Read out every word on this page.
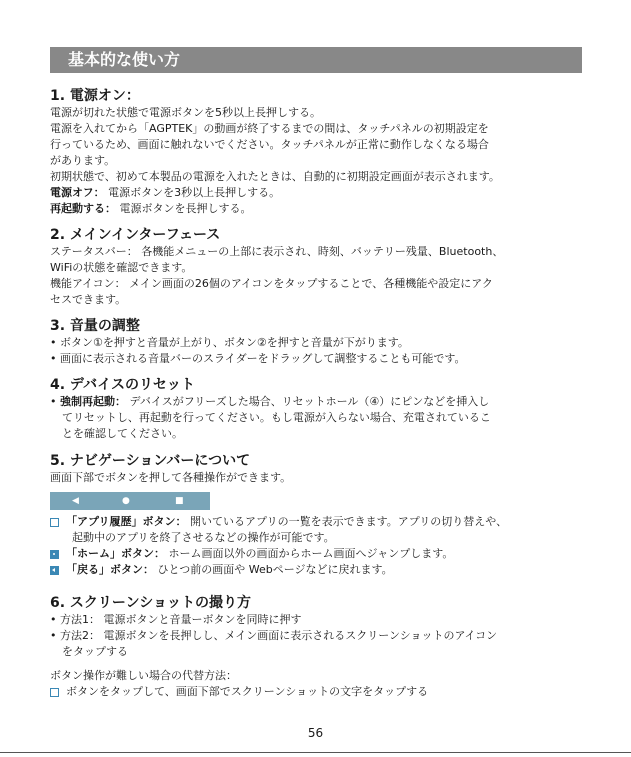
基本的な使い方
1. 電源オン：
電源が切れた状態で電源ボタンを5秒以上長押しする。
電源を入れてから「AGPTEK」の動画が終了するまでの間は、タッチパネルの初期設定を
行っているため、画面に触れないでください。タッチパネルが正常に動作しなくなる場合
があります。
初期状態で、初めて本製品の電源を入れたときは、自動的に初期設定画面が表示されます。
電源オフ： 電源ボタンを3秒以上長押しする。
再起動する： 電源ボタンを長押しする。
2. メインインターフェース
ステータスバー： 各機能メニューの上部に表示され、時刻、バッテリー残量、Bluetooth、
WiFiの状態を確認できます。
機能アイコン： メイン画面の26個のアイコンをタップすることで、各種機能や設定にアク
セスできます。
3. 音量の調整
• ボタン①を押すと音量が上がり、ボタン②を押すと音量が下がります。
• 画面に表示される音量バーのスライダーをドラッグして調整することも可能です。
4. デバイスのリセット
• 強制再起動： デバイスがフリーズした場合、リセットホール（④）にピンなどを挿入し
てリセットし、再起動を行ってください。もし電源が入らない場合、充電されているこ
とを確認してください。
5. ナビゲーションバーについて
画面下部でボタンを押して各種操作ができます。
◀	●	■
「アプリ履歴」ボタン： 開いているアプリの一覧を表示できます。アプリの切り替えや、
起動中のアプリを終了させるなどの操作が可能です。
「ホーム」ボタン： ホーム画面以外の画面からホーム画面へジャンプします。
「戻る」ボタン： ひとつ前の画面や Webページなどに戻れます。
6. スクリーンショットの撮り方
• 方法1： 電源ボタンと音量ーボタンを同時に押す
• 方法2： 電源ボタンを長押しし、メイン画面に表示されるスクリーンショットのアイコン
をタップする
ボタン操作が難しい場合の代替方法：
ボタンをタップして、画面下部でスクリーンショットの文字をタップする
56
